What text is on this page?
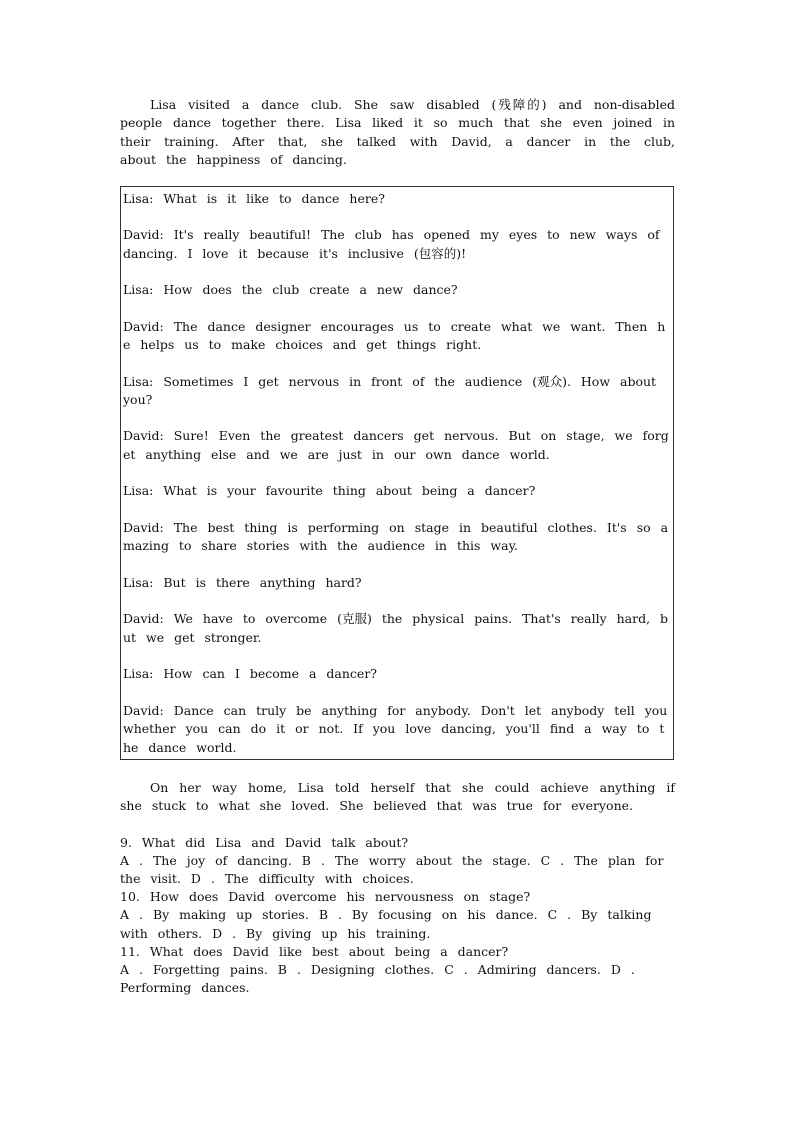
Lisa visited a dance club. She saw disabled (残障的) and non-disabled people dance together there. Lisa liked it so much that she even joined in their training. After that, she talked with David, a dancer in the club, about the happiness of dancing.

Lisa: What is it like to dance here?

David: It's really beautiful! The club has opened my eyes to new ways of dancing. I love it because it's inclusive (包容的)!

Lisa: How does the club create a new dance?

David: The dance designer encourages us to create what we want. Then he helps us to make choices and get things right.

Lisa: Sometimes I get nervous in front of the audience (观众). How about you?

David: Sure! Even the greatest dancers get nervous. But on stage, we forget anything else and we are just in our own dance world.

Lisa: What is your favourite thing about being a dancer?

David: The best thing is performing on stage in beautiful clothes. It's so amazing to share stories with the audience in this way.

Lisa: But is there anything hard?

David: We have to overcome (克服) the physical pains. That's really hard, but we get stronger.

Lisa: How can I become a dancer?

David: Dance can truly be anything for anybody. Don't let anybody tell you whether you can do it or not. If you love dancing, you'll find a way to the dance world.

On her way home, Lisa told herself that she could achieve anything if she stuck to what she loved. She believed that was true for everyone.

9. What did Lisa and David talk about?

A . The joy of dancing. B . The worry about the stage. C . The plan for the visit. D . The difficulty with choices.

10. How does David overcome his nervousness on stage?

A . By making up stories. B . By focusing on his dance. C . By talking with others. D . By giving up his training.

11. What does David like best about being a dancer?

A . Forgetting pains. B . Designing clothes. C . Admiring dancers. D . Performing dances.
